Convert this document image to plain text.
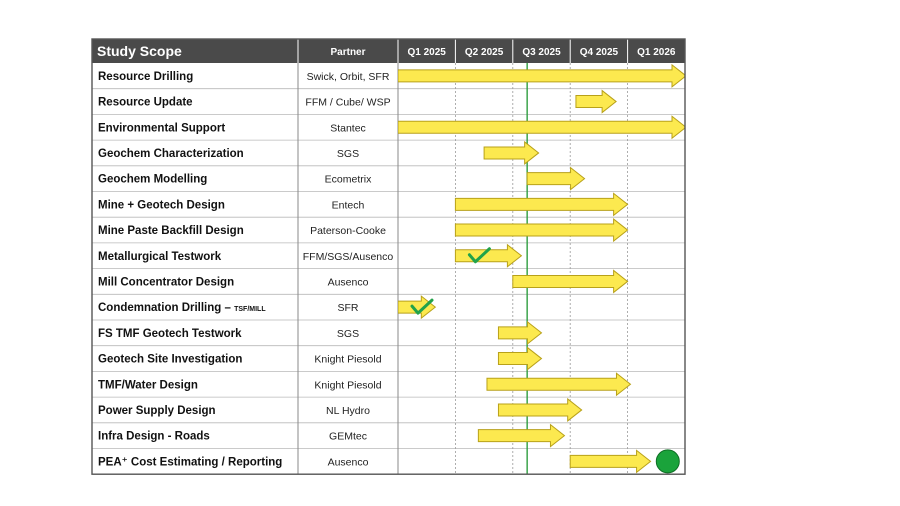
Study Scope	Partner	Q1 2025 Q2 2025 Q3 2025 Q4 2025 Q1 2026
Resource Drilling	Swick, Orbit, SFR
Resource Update	FFM / Cube/ WSP
Environmental Support	Stantec
Geochem Characterization	SGS
Geochem Modelling	Ecometrix
Mine + Geotech Design	Entech
Mine Paste Backfill Design	Paterson-Cooke
Metallurgical Testwork	FFM/SGS/Ausenco
Mill Concentrator Design	Ausenco
Condemnation Drilling – TSF/MILL	SFR
FS TMF Geotech Testwork	SGS
Geotech Site Investigation	Knight Piesold
TMF/Water Design	Knight Piesold
Power Supply Design	NL Hydro
Infra Design - Roads	GEMtec
PEA⁺ Cost Estimating / Reporting	Ausenco
